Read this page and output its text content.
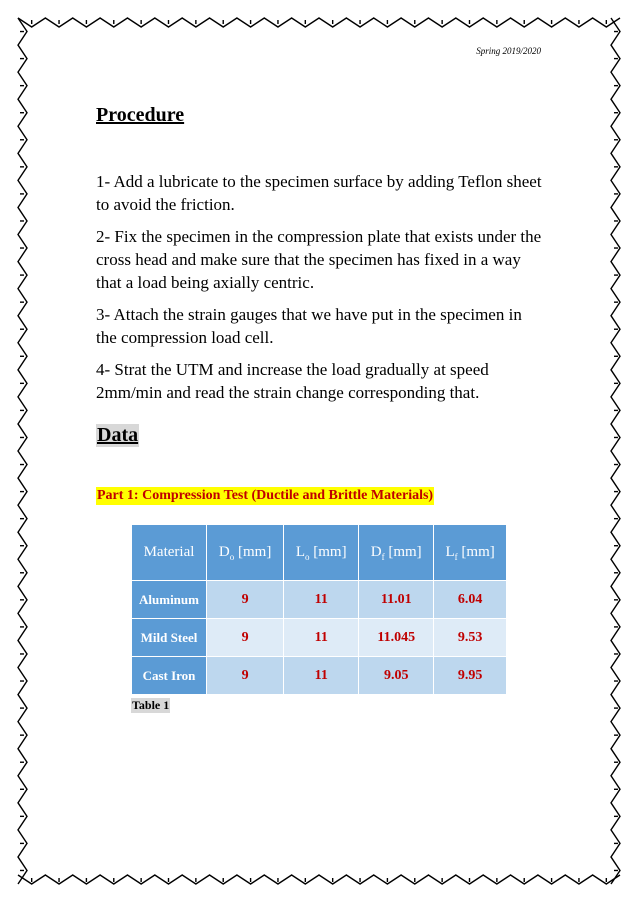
Spring 2019/2020
Procedure
1- Add a lubricate to the specimen surface by adding Teflon sheet to avoid the friction.
2- Fix the specimen in the compression plate that exists under the cross head and make sure that the specimen has fixed in a way that a load being axially centric.
3- Attach the strain gauges that we have put in the specimen in the compression load cell.
4- Strat the UTM and increase the load gradually at speed 2mm/min and read the strain change corresponding that.
Data
Part 1: Compression Test (Ductile and Brittle Materials)
Material	$D_o$ [mm]	$L_o$ [mm]	$D_f$ [mm]	$L_f$ [mm]
Aluminum	9	11	11.01	6.04
Mild Steel	9	11	11.045	9.53
Cast Iron	9	11	9.05	9.95
Table 1
